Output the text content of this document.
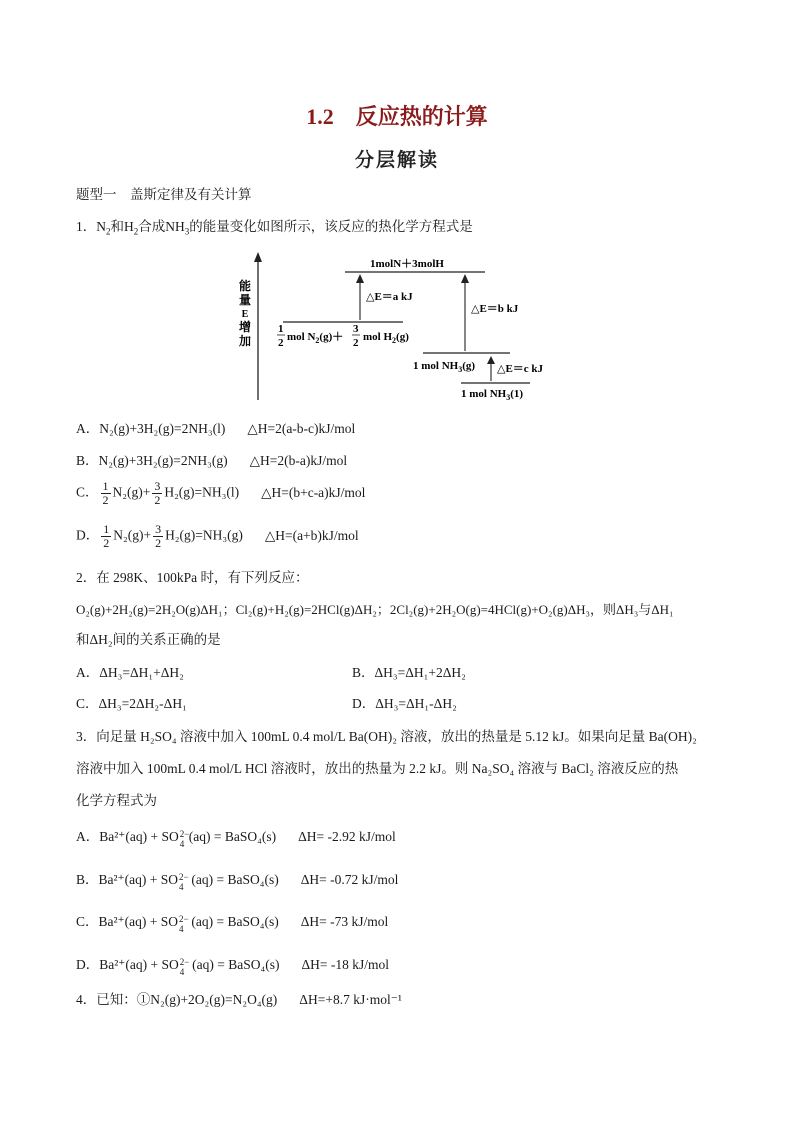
1.2 反应热的计算
分层解读
题型一　盖斯定律及有关计算
1．$N_2$和$H_2$合成$NH_3$的能量变化如图所示，该反应的热化学方程式是
能
量
E
增
加
1molN＋3molH
1
2 mol $N_2(g)+$
3
2 mol $H_2(g)$
△E＝a kJ
1 mol $NH_3(g)$
△E＝b kJ
1 mol $NH_3(1)$
△E＝c kJ
A．N₂(g)+3H₂(g)=2NH₃(l) △H=2(a-b-c)kJ/mol
B．N₂(g)+3H₂(g)=2NH₃(g) △H=2(b-a)kJ/mol
C． $\frac{1}{2} N_2(g)+ \frac{3}{2} H_2(g)=NH_3(l)$ △H=(b+c-a)kJ/mol
D． $\frac{1}{2} N_2(g)+ \frac{3}{2} H_2(g)=NH_3(g)$ △H=(a+b)kJ/mol
2．在 298K、100kPa 时，有下列反应：
O₂(g)+2H₂(g)=2H₂O(g)ΔH₁；Cl₂(g)+H₂(g)=2HCl(g)ΔH₂；2Cl₂(g)+2H₂O(g)=4HCl(g)+O₂(g)ΔH₃，则ΔH₃与ΔH₁
和ΔH₂间的关系正确的是
A．ΔH₃=ΔH₁+ΔH₂	B．ΔH₃=ΔH₁+2ΔH₂
C．ΔH₃=2ΔH₂-ΔH₁	D．ΔH₃=ΔH₁-ΔH₂
3．向足量 H₂SO₄ 溶液中加入 100mL 0.4 mol/L Ba(OH)₂ 溶液，放出的热量是 5.12 kJ。如果向足量 Ba(OH)₂
溶液中加入 100mL 0.4 mol/L HCl 溶液时，放出的热量为 2.2 kJ。则 Na₂SO₄ 溶液与 BaCl₂ 溶液反应的热
化学方程式为
A．Ba²⁺(aq) + SO 2−
4 (aq) = BaSO₄(s) ΔH= -2.92 kJ/mol
B．Ba²⁺(aq) + SO 2−
4 (aq) = BaSO₄(s) ΔH= -0.72 kJ/mol
C．Ba²⁺(aq) + SO 2−
4 (aq) = BaSO₄(s) ΔH= -73 kJ/mol
D．Ba²⁺(aq) + SO 2−
4 (aq) = BaSO₄(s) ΔH= -18 kJ/mol
4．已知：①N₂(g)+2O₂(g)=N₂O₄(g) ΔH=+8.7 kJ·mol⁻¹
